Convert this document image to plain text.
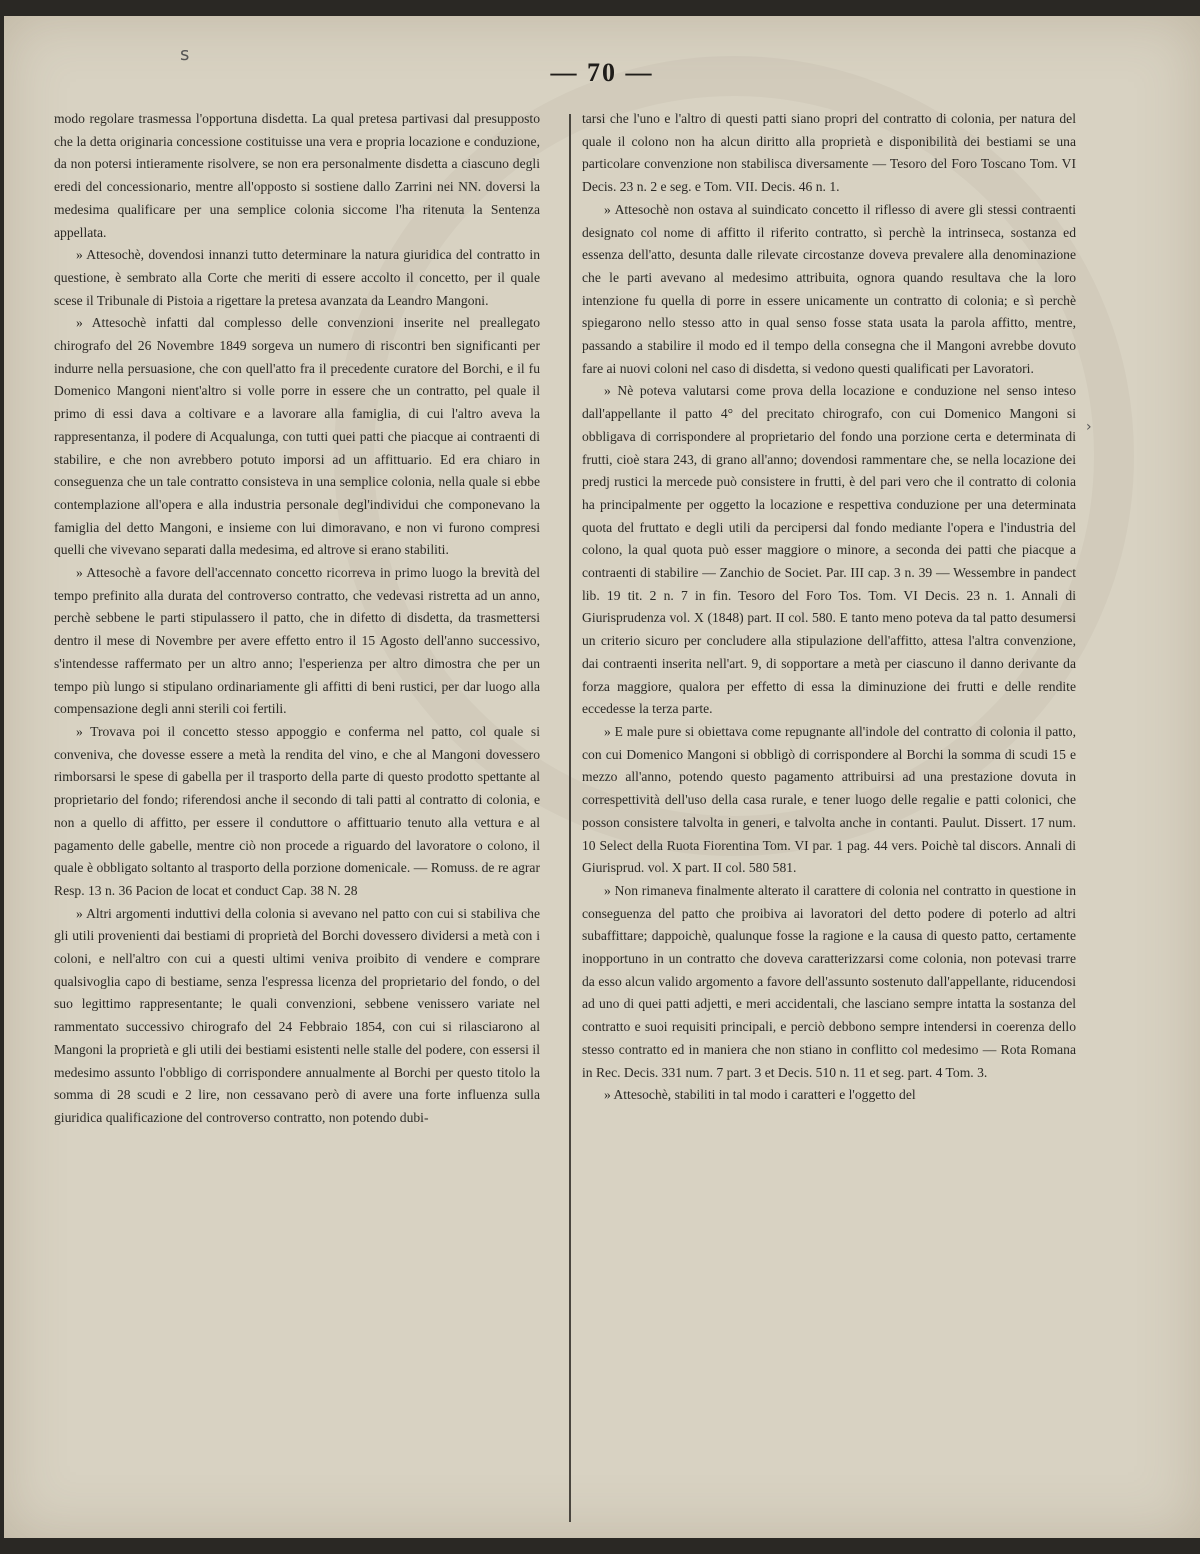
s
— 70 —

modo regolare trasmessa l'opportuna disdetta. La qual pretesa partivasi dal presupposto che la detta originaria concessione costituisse una vera e propria locazione e conduzione, da non potersi intieramente risolvere, se non era personalmente disdetta a ciascuno degli eredi del concessionario, mentre all'opposto si sostiene dallo Zarrini nei NN. doversi la medesima qualificare per una semplice colonia siccome l'ha ritenuta la Sentenza appellata.

» Attesochè, dovendosi innanzi tutto determinare la natura giuridica del contratto in questione, è sembrato alla Corte che meriti di essere accolto il concetto, per il quale scese il Tribunale di Pistoia a rigettare la pretesa avanzata da Leandro Mangoni.

» Attesochè infatti dal complesso delle convenzioni inserite nel preallegato chirografo del 26 Novembre 1849 sorgeva un numero di riscontri ben significanti per indurre nella persuasione, che con quell'atto fra il precedente curatore del Borchi, e il fu Domenico Mangoni nient'altro si volle porre in essere che un contratto, pel quale il primo di essi dava a coltivare e a lavorare alla famiglia, di cui l'altro aveva la rappresentanza, il podere di Acqualunga, con tutti quei patti che piacque ai contraenti di stabilire, e che non avrebbero potuto imporsi ad un affittuario. Ed era chiaro in conseguenza che un tale contratto consisteva in una semplice colonia, nella quale si ebbe contemplazione all'opera e alla industria personale degl'individui che componevano la famiglia del detto Mangoni, e insieme con lui dimoravano, e non vi furono compresi quelli che vivevano separati dalla medesima, ed altrove si erano stabiliti.

» Attesochè a favore dell'accennato concetto ricorreva in primo luogo la brevità del tempo prefinito alla durata del controverso contratto, che vedevasi ristretta ad un anno, perchè sebbene le parti stipulassero il patto, che in difetto di disdetta, da trasmettersi dentro il mese di Novembre per avere effetto entro il 15 Agosto dell'anno successivo, s'intendesse raffermato per un altro anno; l'esperienza per altro dimostra che per un tempo più lungo si stipulano ordinariamente gli affitti di beni rustici, per dar luogo alla compensazione degli anni sterili coi fertili.

» Trovava poi il concetto stesso appoggio e conferma nel patto, col quale si conveniva, che dovesse essere a metà la rendita del vino, e che al Mangoni dovessero rimborsarsi le spese di gabella per il trasporto della parte di questo prodotto spettante al proprietario del fondo; riferendosi anche il secondo di tali patti al contratto di colonia, e non a quello di affitto, per essere il conduttore o affittuario tenuto alla vettura e al pagamento delle gabelle, mentre ciò non procede a riguardo del lavoratore o colono, il quale è obbligato soltanto al trasporto della porzione domenicale. — Romuss. de re agrar Resp. 13 n. 36 Pacion de locat et conduct Cap. 38 N. 28

» Altri argomenti induttivi della colonia si avevano nel patto con cui si stabiliva che gli utili provenienti dai bestiami di proprietà del Borchi dovessero dividersi a metà con i coloni, e nell'altro con cui a questi ultimi veniva proibito di vendere e comprare qualsivoglia capo di bestiame, senza l'espressa licenza del proprietario del fondo, o del suo legittimo rappresentante; le quali convenzioni, sebbene venissero variate nel rammentato successivo chirografo del 24 Febbraio 1854, con cui si rilasciarono al Mangoni la proprietà e gli utili dei bestiami esistenti nelle stalle del podere, con essersi il medesimo assunto l'obbligo di corrispondere annualmente al Borchi per questo titolo la somma di 28 scudi e 2 lire, non cessavano però di avere una forte influenza sulla giuridica qualificazione del controverso contratto, non potendo dubi-

tarsi che l'uno e l'altro di questi patti siano propri del contratto di colonia, per natura del quale il colono non ha alcun diritto alla proprietà e disponibilità dei bestiami se una particolare convenzione non stabilisca diversamente — Tesoro del Foro Toscano Tom. VI Decis. 23 n. 2 e seg. e Tom. VII. Decis. 46 n. 1.

» Attesochè non ostava al suindicato concetto il riflesso di avere gli stessi contraenti designato col nome di affitto il riferito contratto, sì perchè la intrinseca, sostanza ed essenza dell'atto, desunta dalle rilevate circostanze doveva prevalere alla denominazione che le parti avevano al medesimo attribuita, ognora quando resultava che la loro intenzione fu quella di porre in essere unicamente un contratto di colonia; e sì perchè spiegarono nello stesso atto in qual senso fosse stata usata la parola affitto, mentre, passando a stabilire il modo ed il tempo della consegna che il Mangoni avrebbe dovuto fare ai nuovi coloni nel caso di disdetta, si vedono questi qualificati per Lavoratori.

» Nè poteva valutarsi come prova della locazione e conduzione nel senso inteso dall'appellante il patto 4° del precitato chirografo, con cui Domenico Mangoni si obbligava di corrispondere al proprietario del fondo una porzione certa e determinata di frutti, cioè stara 243, di grano all'anno; dovendosi rammentare che, se nella locazione dei predj rustici la mercede può consistere in frutti, è del pari vero che il contratto di colonia ha principalmente per oggetto la locazione e respettiva conduzione per una determinata quota del fruttato e degli utili da percipersi dal fondo mediante l'opera e l'industria del colono, la qual quota può esser maggiore o minore, a seconda dei patti che piacque a contraenti di stabilire — Zanchio de Societ. Par. III cap. 3 n. 39 — Wessembre in pandect lib. 19 tit. 2 n. 7 in fin. Tesoro del Foro Tos. Tom. VI Decis. 23 n. 1. Annali di Giurisprudenza vol. X (1848) part. II col. 580. E tanto meno poteva da tal patto desumersi un criterio sicuro per concludere alla stipulazione dell'affitto, attesa l'altra convenzione, dai contraenti inserita nell'art. 9, di sopportare a metà per ciascuno il danno derivante da forza maggiore, qualora per effetto di essa la diminuzione dei frutti e delle rendite eccedesse la terza parte.

» E male pure si obiettava come repugnante all'indole del contratto di colonia il patto, con cui Domenico Mangoni si obbligò di corrispondere al Borchi la somma di scudi 15 e mezzo all'anno, potendo questo pagamento attribuirsi ad una prestazione dovuta in correspettività dell'uso della casa rurale, e tener luogo delle regalie e patti colonici, che posson consistere talvolta in generi, e talvolta anche in contanti. Paulut. Dissert. 17 num. 10 Select della Ruota Fiorentina Tom. VI par. 1 pag. 44 vers. Poichè tal discors. Annali di Giurisprud. vol. X part. II col. 580 581.

» Non rimaneva finalmente alterato il carattere di colonia nel contratto in questione in conseguenza del patto che proibiva ai lavoratori del detto podere di poterlo ad altri subaffittare; dappoichè, qualunque fosse la ragione e la causa di questo patto, certamente inopportuno in un contratto che doveva caratterizzarsi come colonia, non potevasi trarre da esso alcun valido argomento a favore dell'assunto sostenuto dall'appellante, riducendosi ad uno di quei patti adjetti, e meri accidentali, che lasciano sempre intatta la sostanza del contratto e suoi requisiti principali, e perciò debbono sempre intendersi in coerenza dello stesso contratto ed in maniera che non stiano in conflitto col medesimo — Rota Romana in Rec. Decis. 331 num. 7 part. 3 et Decis. 510 n. 11 et seg. part. 4 Tom. 3.

» Attesochè, stabiliti in tal modo i caratteri e l'oggetto del

›
